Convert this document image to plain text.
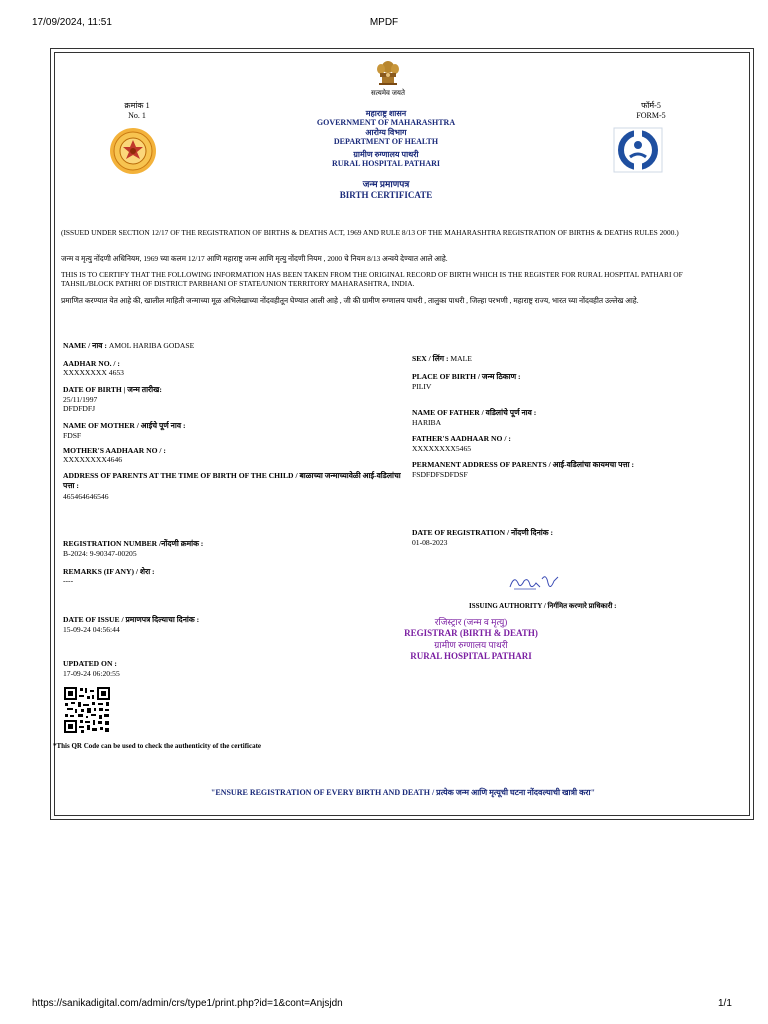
17/09/2024, 11:51	MPDF
सत्यमेव जयते
क्रमांक 1
No. 1
फॉर्म-5
FORM-5
महाराष्ट्र शासन
GOVERNMENT OF MAHARASHTRA
आरोग्य विभाग
DEPARTMENT OF HEALTH
ग्रामीण रुग्णालय पाथरी
RURAL HOSPITAL PATHARI
जन्म प्रमाणपत्र
BIRTH CERTIFICATE
(ISSUED UNDER SECTION 12/17 OF THE REGISTRATION OF BIRTHS & DEATHS ACT, 1969 AND RULE 8/13 OF THE MAHARASHTRA REGISTRATION OF BIRTHS & DEATHS RULES 2000.)
जन्म व मृत्यु नोंदणी अधिनियम, 1969 च्या कलम 12/17 आणि महाराष्ट्र जन्म आणि मृत्यु नोंदणी नियम , 2000 चे नियम 8/13 अन्वये देण्यात आले आहे.
THIS IS TO CERTIFY THAT THE FOLLOWING INFORMATION HAS BEEN TAKEN FROM THE ORIGINAL RECORD OF BIRTH WHICH IS THE REGISTER FOR RURAL HOSPITAL PATHARI OF TAHSIL/BLOCK PATHRI OF DISTRICT PARBHANI OF STATE/UNION TERRITORY MAHARASHTRA, INDIA.
प्रमाणित करण्यात येत आहे की, खालील माहिती जन्माच्या मूळ अभिलेखाच्या नोंदवहीतून घेण्यात आली आहे , जी की ग्रामीण रुग्णालय पाथरी , तालुका पाथरी , जिल्हा परभणी , महाराष्ट्र राज्य, भारत च्या नोंदवहीत उल्लेख आहे.
NAME / नाव : AMOL HARIBA GODASE
AADHAR NO. / :
XXXXXXXX 4653
DATE OF BIRTH | जन्म तारीख:
25/11/1997
DFDFDFJ
NAME OF MOTHER / आईचे पूर्ण नाव :
FDSF
MOTHER'S AADHAAR NO / :
XXXXXXXX4646
ADDRESS OF PARENTS AT THE TIME OF BIRTH OF THE CHILD / बाळाच्या जन्माच्यावेळी आई-वडिलांचा पत्ता :
465464646546
REGISTRATION NUMBER /नोंदणी क्रमांक :
B-2024: 9-90347-00205
REMARKS (IF ANY) / शेरा :
----
DATE OF ISSUE / प्रमाणपत्र दिल्याचा दिनांक :
15-09-24 04:56:44
UPDATED ON :
17-09-24 06:20:55
*This QR Code can be used to check the authenticity of the certificate
SEX / लिंग : MALE
PLACE OF BIRTH / जन्म ठिकाण :
PILIV
NAME OF FATHER / वडिलांचे पूर्ण नाव :
HARIBA
FATHER'S AADHAAR NO / :
XXXXXXXX5465
PERMANENT ADDRESS OF PARENTS / आई-वडिलांचा कायमचा पत्ता :
FSDFDFSDFDSF
DATE OF REGISTRATION / नोंदणी दिनांक :
01-08-2023
ISSUING AUTHORITY / निर्गमित करणारे प्राधिकारी :
रजिस्ट्रार (जन्म व मृत्यु)
REGISTRAR (BIRTH & DEATH)
ग्रामीण रुग्णालय पाथरी
RURAL HOSPITAL PATHARI
"ENSURE REGISTRATION OF EVERY BIRTH AND DEATH / प्रत्येक जन्म आणि मृत्यूची घटना नोंदवल्याची खात्री करा"
https://sanikadigital.com/admin/crs/type1/print.php?id=1&cont=Anjsjdn	1/1
